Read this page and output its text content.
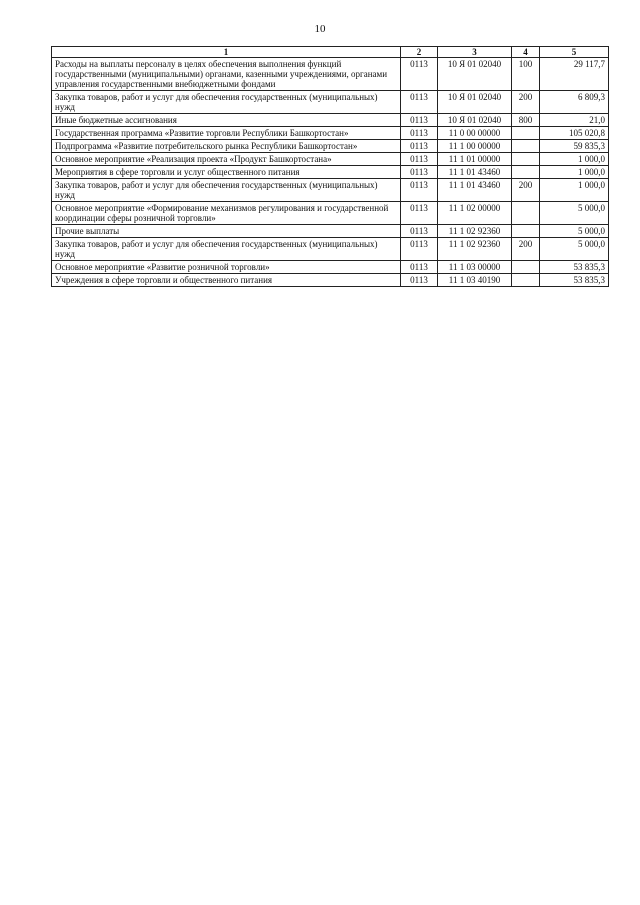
10
1	2	3	4	5
Расходы на выплаты персоналу в целях обеспечения выполнения функций государственными (муниципальными) органами, казенными учреждениями, органами управления государственными внебюджетными фондами	0113	10 Я 01 02040	100	29 117,7
Закупка товаров, работ и услуг для обеспечения государственных (муниципальных) нужд	0113	10 Я 01 02040	200	6 809,3
Иные бюджетные ассигнования	0113	10 Я 01 02040	800	21,0
Государственная программа «Развитие торговли Республики Башкортостан»	0113	11 0 00 00000		105 020,8
Подпрограмма «Развитие потребительского рынка Республики Башкортостан»	0113	11 1 00 00000		59 835,3
Основное мероприятие «Реализация проекта «Продукт Башкортостана»	0113	11 1 01 00000		1 000,0
Мероприятия в сфере торговли и услуг общественного питания	0113	11 1 01 43460		1 000,0
Закупка товаров, работ и услуг для обеспечения государственных (муниципальных) нужд	0113	11 1 01 43460	200	1 000,0
Основное мероприятие «Формирование механизмов регулирования и государственной координации сферы розничной торговли»	0113	11 1 02 00000		5 000,0
Прочие выплаты	0113	11 1 02 92360		5 000,0
Закупка товаров, работ и услуг для обеспечения государственных (муниципальных) нужд	0113	11 1 02 92360	200	5 000,0
Основное мероприятие «Развитие розничной торговли»	0113	11 1 03 00000		53 835,3
Учреждения в сфере торговли и общественного питания	0113	11 1 03 40190		53 835,3
